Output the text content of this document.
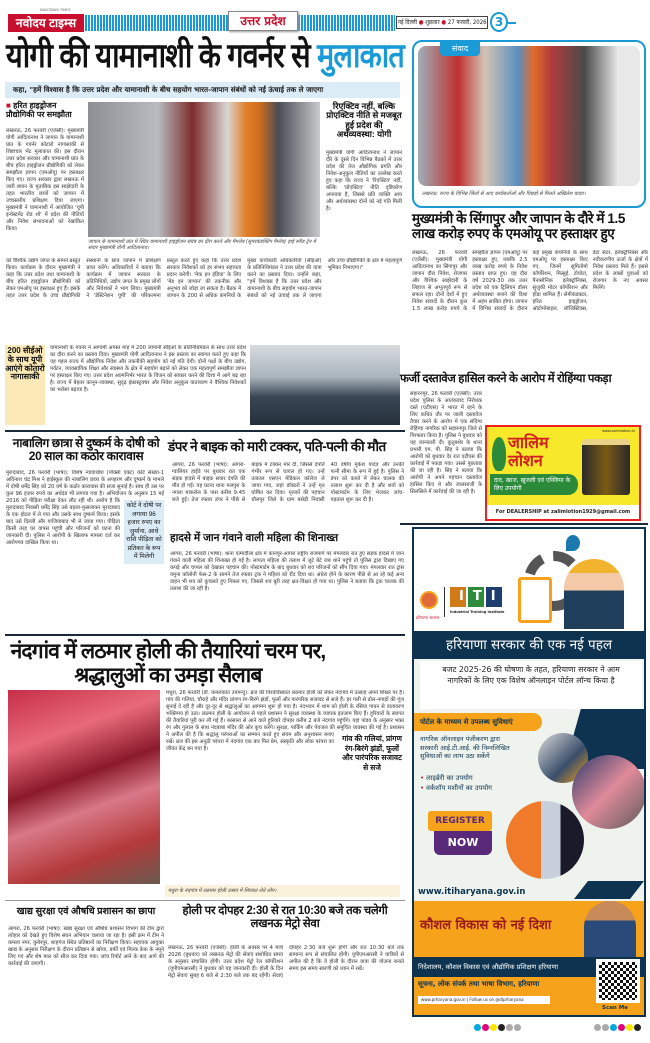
नवोदय टाइम्स
NAVODAYA TIMES
उत्तर प्रदेश	नई दिल्ली ● शुक्रवार ● 27 फरवरी, 2026 3
योगी की यामानाशी के गवर्नर से मुलाकात
कहा, "हमें विश्वास है कि उत्तर प्रदेश और यामानाशी के बीच सहयोग भारत-जापान संबंधों को नई ऊंचाई तक ले जाएगा
■ हरित हाइड्रोजन प्रौद्योगिकी पर समझौता
लखनऊ, 26 फरवरी (एजेंसी): मुख्यमंत्री योगी आदित्यनाथ ने जापान के यामानाशी प्रांत के गवर्नर कोटारो नागासाकी से शिष्टाचार भेंट मुलाकात की। इस दौरान उत्तर प्रदेश सरकार और यामानाशी प्रांत के बीच हरित हाइड्रोजन प्रौद्योगिकी को लेकर समझौता ज्ञापन (एमओयू) पर हस्ताक्षर किए गए। राज्य सरकार द्वारा लखनऊ में जारी बयान के मुताबिक इस साझेदारी के तहत भारतीय छात्रों को जापान में उच्चस्तरीय प्रशिक्षण दिया जाएगा। मुख्यमंत्री ने यामानाशी में आयोजित 'यूपी इन्वेस्टमेंट रोड शो' में प्रदेश की नीतियों और निवेश संभावनाओं को रेखांकित किया।
जापान के यामानाशी प्रांत में स्थित यामानाशी हाइड्रोजन संयंत्र का दौरा करते और मैगलेव (सुपरकंडक्टिंग मैग्लेव) हाई स्पीड ट्रेन में सवार मुख्यमंत्री योगी आदित्यनाथ।
रिएक्टिव नहीं, बल्कि प्रोएक्टिव नीति से मजबूत हुई प्रदेश की अर्थव्यवस्था: योगी
मुख्यमंत्री योगी आदित्यनाथ ने जापान दौरे के दूसरे दिन विभिन्न बैठकों में उत्तर प्रदेश की तेज औद्योगिक प्रगति और निवेश-अनुकूल नीतियों का उल्लेख करते हुए कहा कि राज्य ने 'रिएक्टिव' नहीं, बल्कि 'प्रोएक्टिव' नीति दृष्टिकोण अपनाया है, जिससे प्रति व्यक्ति आय और अर्थव्यवस्था दोनों को नई गति मिली है।
को वैश्विक उद्योग जगत के सामने प्रस्तुत किया। कार्यक्रम के दौरान मुख्यमंत्री ने कहा कि उत्तर प्रदेश तथा यामानाशी के बीच हरित हाइड्रोजन प्रौद्योगिकी को लेकर एमओयू पर हस्ताक्षर हुए हैं। इसके तहत उत्तर प्रदेश के उच्च प्रौद्योगिकी संस्थानों के छात्र जापान में प्रशिक्षण प्राप्त करेंगे। अधिकारियों ने बताया कि कार्यक्रम में जापान सरकार के प्रतिनिधियों, उद्योग जगत के प्रमुख लोगों और निवेशकों ने भाग लिया। मुख्यमंत्री ने 'डेस्टिनेशन यूपी' की परिकल्पना प्रस्तुत करते हुए कहा कि उत्तर प्रदेश सरकार निवेशकों को हर संभव सहायता प्रदान करेगी। 'मेक इन इंडिया' के लिए 'मेड इन जापान' की तकनीक और अनुभव को जोड़ा जा सकता है। बैठक में जापान के 200 से अधिक कंपनियों के मुख्य कार्यकारी अधिकारियों (सीईओ) के प्रतिनिधिमंडल ने उत्तर प्रदेश की यात्रा करने का प्रस्ताव दिया। उन्होंने कहा, "हमें विश्वास है कि उत्तर प्रदेश और यामानाशी के बीच सहयोग भारत-जापान संबंधों को नई ऊंचाई तक ले जाएगा और उच्च प्रौद्योगिकी के क्षेत्र में महत्वपूर्ण भूमिका निभाएगा।"
200 सीईओ के साथ यूपी आएंगे कोतारो नागासाकी
यामानाशी के गवर्नर ने आगामी अगस्त माह में 200 जापानी सीईओ के प्रतिनिधिमंडल के साथ उत्तर प्रदेश का दौरा करने का प्रस्ताव दिया। मुख्यमंत्री योगी आदित्यनाथ ने इस प्रस्ताव का स्वागत करते हुए कहा कि यह पहल राज्य में औद्योगिक निवेश और तकनीकी सहयोग को नई गति देगी। दोनों पक्षों के बीच उद्योग, पर्यटन, व्यावसायिक शिक्षा और स्वास्थ्य के क्षेत्र में सहयोग बढ़ाने को लेकर एक महत्वपूर्ण समझौता ज्ञापन पर हस्ताक्षर किए गए। उत्तर प्रदेश आत्मनिर्भर भारत के विजन को साकार करने की दिशा में आगे बढ़ रहा है। राज्य में बेहतर कानून-व्यवस्था, सुदृढ़ इंफ्रास्ट्रक्चर और निवेश अनुकूल वातावरण ने वैश्विक निवेशकों का भरोसा बढ़ाया है।
संवाद
लखनऊ: राज्य के विभिन्न जिलों से आए कार्यकर्ताओं और पिछड़ों से मिलते अखिलेश यादव।
मुख्यमंत्री के सिंगापुर और जापान के दौरे में 1.5 लाख करोड़ रुपए के एमओयू पर हस्ताक्षर हुए
लखनऊ, 26 फरवरी (एजेंसी): मुख्यमंत्री योगी आदित्यनाथ का सिंगापुर और जापान दौरा निवेश, रोजगार और वैश्विक साझेदारी के लिहाज से अभूतपूर्व रूप से सफल रहा। दोनों देशों में हुए निवेश संवादों के दौरान कुल 1.5 लाख करोड़ रुपये के समझौता ज्ञापन (एमओयू) पर हस्ताक्षर हुए, जबकि 2.5 लाख करोड़ रुपये के निवेश प्रस्ताव प्राप्त हुए। यह दौरा वर्ष 2029-30 तक उत्तर प्रदेश को एक ट्रिलियन डॉलर अर्थव्यवस्था बनाने की दिशा में अहम साबित होगा। जापान में विभिन्न संवादों के दौरान कई प्रमुख कंपनियों के साथ एमओयू पर हस्ताक्षर किए गए, जिनमें सुमितोमो कॉर्पोरेशन, मित्सुई, टोयोटा, पैनासोनिक इलेक्ट्रॉनिक्स, सुजुकी मोटर कॉर्पोरेशन और होंडा शामिल हैं। सेमीकंडक्टर, हरित हाइड्रोजन, ऑटोमोबाइल, लॉजिस्टिक्स, डेटा सेंटर, इलेक्ट्रॉनिक्स और नवीकरणीय ऊर्जा के क्षेत्रों में निवेश प्रस्ताव मिले हैं। इससे प्रदेश के लाखों युवाओं को रोजगार के नए अवसर मिलेंगे।
फर्जी दस्तावेज हासिल करने के आरोप में रोहिंग्या पकड़ा
सहारनपुर, 26 फरवरी (एजेंसी): उत्तर प्रदेश पुलिस के आतंकवाद निरोधक दस्ते (एटीएस) ने भारत में रहने के लिए कथित तौर पर जाली दस्तावेज तैयार करने के आरोप में एक संदिग्ध रोहिंग्या नागरिक को सहारनपुर जिले से गिरफ्तार किया है। पुलिस ने बुधवार को यह जानकारी दी। कुतुबशेर के थाना प्रभारी एम. पी. सिंह ने बताया कि आरोपी को बुधवार देर रात एटीएस की कार्रवाई में पकड़ा गया। उससे पूछताछ की जा रही है। सिंह ने बताया कि आरोपी ने अपने पहचान दस्तावेज हासिल किए थे और जालसाजी के सिलसिले में कार्रवाई की जा रही है।
www.zalimlotion.in
जालिम लोशन
दाद, खाज, खुजली एवं एक्जिमा के लिए उपयोगी
For DEALERSHIP at zalimlotion1929@gmail.com
नाबालिग छात्रा से दुष्कर्म के दोषी को 20 साल का कठोर कारावास
कोर्ट ने दोषी पर लगाया 96 हजार रुपए का जुर्माना, आधे राशि पीड़िता को प्रतिकर के रूप में मिलेगी
मुरादाबाद, 26 फरवरी (भाषा): विशेष न्यायाधीश (पॉक्सो एक्ट) कोर्ट संख्या-1 अविनाश चंद्र मिश्र ने हाईस्कूल की नाबालिग छात्रा के अपहरण और दुष्कर्म के मामले में दोषी धर्मेंद्र सिंह को 20 वर्ष के कठोर कारावास की सजा सुनाई है। साथ ही उस पर कुल 96 हजार रुपये का अर्थदंड भी लगाया गया है। अभियोजन के अनुसार 15 मई 2016 को पीड़िता परीक्षा देकर लौट रही थी। आरोप है कि मुरादाबाद निवासी धर्मेंद्र सिंह उसे बहला-फुसलाकर मुरादाबाद के एक होटल में ले गया और उसके साथ दुष्कर्म किया। इसके बाद उसे दिल्ली और गाजियाबाद भी ले जाया गया। पीड़िता किसी तरह घर वापस पहुंची और परिजनों को घटना की जानकारी दी। पुलिस ने आरोपी के खिलाफ मामला दर्ज कर आरोपपत्र दाखिल किया था।
डंपर ने बाइक को मारी टक्कर, पति-पत्नी की मौत
आगरा, 26 फरवरी (भाषा): आगरा-ग्वालियर हाईवे पर बुधवार रात एक सड़क हादसे में बाइक सवार दंपति की मौत हो गई। यह घटना थाना मलपुरा के नगला माकरोल के पास करीब 9:45 बजे हुई। तेज रफ्तार डंपर ने पीछे से बाइक में टक्कर मार दी, जिससे दंपति गंभीर रूप से घायल हो गए। उन्हें तत्काल एसएन मेडिकल कॉलेज ले जाया गया, जहां डॉक्टरों ने उन्हें मृत घोषित कर दिया। मृतकों की पहचान धौलपुर जिले के ग्राम बसेड़ी निवासी 40 वर्षीय मुकेश यादव और उनकी पत्नी सीमा के रूप में हुई है। पुलिस ने डंपर को कब्जे में लेकर चालक की तलाश शुरू कर दी है और शवों को पोस्टमार्टम के लिए भेजकर जांच-पड़ताल शुरू कर दी है।
हादसे में जान गंवाने वाली महिला की शिनाख्त
आगरा, 26 फरवरी (भाषा): थाना एत्मादौला क्षेत्र में कानपुर-आगरा राष्ट्रीय राजमार्ग पर मंगलवार रात हुए सड़क हादसे में जान गंवाने वाली महिला की शिनाख्त हो गई है। लापता महिला की तलाश में जुटे बेटे जब थाने पहुंचे तो पुलिस द्वारा दिखाए गए कपड़े और चप्पल को देखकर पहचान की। पोस्टमार्टम के बाद बुधवार को शव परिजनों को सौंप दिया गया। मंगलवार रात ट्रांस यमुना कॉलोनी फेस-2 के सामने तेज रफ्तार ट्रक ने महिला को रौंद दिया था। अंधेरा होने के कारण पीछे से आ रहे कई अन्य वाहन भी शव को कुचलते हुए निकल गए, जिससे शव बुरी तरह क्षत-विक्षत हो गया था। पुलिस ने बताया कि ट्रक चालक की तलाश की जा रही है।
नंदगांव में लठमार होली की तैयारियां चरम पर, श्रद्धालुओं का उमड़ा सैलाब
गांव की गलियां, प्रांगण रंग-बिरंगे झंडों, फूलों और पारंपरिक सजावट से सजे
मथुरा, 26 फरवरी (डॉ. कमलकांत उपमन्यु): ब्रज की विश्वविख्यात लठमार होली को लेकर नंदगांव में उत्साह अपने शिखर पर है। गांव की गलियां, चौराहे और मंदिर प्रांगण रंग-बिरंगे झंडों, फूलों और पारंपरिक सजावट से सजे हैं। हर गली से ढोल-नगाड़ों की गूंज सुनाई दे रही है और दूर-दूर से श्रद्धालुओं का आगमन शुरू हो गया है। नंदभवन में शाम को होली के रसिया गायन से वातावरण भक्तिमय हो उठा। लठमार होली के आयोजन से पहले प्रशासन ने सुरक्षा व्यवस्था के व्यापक इंतजाम किए हैं। हुरियारों के स्वागत की तैयारियां पूरी कर ली गई हैं। बरसाना से आने वाले हुरियारे दोपहर करीब 2 बजे नंदगांव पहुंचेंगे। यहां पांडव के अनुसार भक्त रंग और गुलाल के साथ नंदबाबा मंदिर की ओर कूच करेंगे। सुरक्षा, पार्किंग और पेयजल की समुचित व्यवस्था की गई है। प्रशासन ने अपील की है कि श्रद्धालु परंपराओं का सम्मान करते हुए संयम और अनुशासन बनाए रखें। ब्रज की इस अनूठी परंपरा में नंदगांव एक बार फिर प्रेम, संस्कृति और लोक परंपरा का जीवंत केंद्र बन गया है।
मथुरा के नंदगांव में लठमार होली उत्सव में शिरकत लेते लोग।
खाद्य सुरक्षा एवं औषधि प्रशासन का छापा
आगरा, 26 फरवरी (भाषा): खाद्य सुरक्षा एवं औषधि प्रशासन विभाग की टीम द्वारा त्योहार को देखते हुए विशेष सघन अभियान चलाया जा रहा है। इसी क्रम में टीम ने कमला नगर, कुबेरपुर, शाहगंज स्थित प्रतिष्ठानों का निरीक्षण किया। सहायक आयुक्त खाद्य के अनुसार निरीक्षण के दौरान प्रतिष्ठान से खोया, बर्फी एवं मिल्क केक के नमूने लिए गए और शेष माल को सील कर दिया गया। जांच रिपोर्ट आने के बाद आगे की कार्रवाई की जाएगी।
होली पर दोपहर 2:30 से रात 10:30 बजे तक चलेगी लखनऊ मेट्रो सेवा
लखनऊ, 26 फरवरी (एजेंसी): होली के अवसर पर 4 मार्च 2026 (बुधवार) को लखनऊ मेट्रो की सेवाएं संशोधित समय के अनुसार संचालित होंगी। उत्तर प्रदेश मेट्रो रेल कॉर्पोरेशन (यूपीएमआरसी) ने बुधवार को यह जानकारी दी। होली के दिन मेट्रो सेवाएं सुबह 6 बजे से 2:30 बजे तक बंद रहेंगी। सेवाएं दोपहर 2:30 बजे शुरू होंगी और रात 10:30 बजे तक सामान्य रूप से संचालित होंगी। यूपीएमआरसी ने यात्रियों से अपील की है कि वे होली के दौरान यात्रा की योजना बनाते समय इस समय सारणी को ध्यान में रखें।
हरियाणा सरकार
ITI
Industrial Training Institute
हरियाणा सरकार की एक नई पहल
बजट 2025-26 की घोषणा के तहत, हरियाणा सरकार ने आम नागरिकों के लिए एक विशेष ऑनलाइन पोर्टल लॉन्च किया है
पोर्टल के माध्यम से उपलब्ध सुविधाएं
नागरिक ऑनलाइन पंजीकरण द्वारा सरकारी आई.टी.आई. की निम्नलिखित सुविधाओं का लाभ उठा सकेंगे
• लाइब्रेरी का उपयोग
• वर्कशॉप मशीनों का उपयोग
REGISTER
NOW
www.itiharyana.gov.in
कौशल विकास को नई दिशा
निदेशालय, कौशल विकास एवं औद्योगिक प्रशिक्षण हरियाणा
सूचना, लोक संपर्क तथा भाषा विभाग, हरियाणा
www.prharyana.gov.in | Follow us on @diprharyana
Scan Me
